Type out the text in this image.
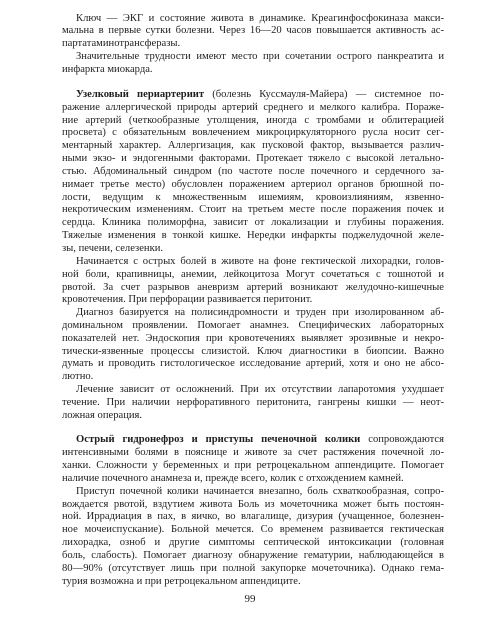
Ключ — ЭКГ и состояние живота в динамике. Креагинфосфокиназа макси-
мальна в первые сутки болезни. Через 16—20 часов повышается активность ас-
партатаминотрансферазы.
Значительные трудности имеют место при сочетании острого панкреатита и
инфаркта миокарда.
Узелковый периартериит (болезнь Куссмауля-Майера) — системное по-
ражение аллергической природы артерий среднего и мелкого калибра. Пораже-
ние артерий (четкообразные утолщения, иногда с тромбами и облитерацией
просвета) с обязательным вовлечением микроциркуляторного русла носит сег-
ментарный характер. Аллергизация, как пусковой фактор, вызывается различ-
ными экзо- и эндогенными факторами. Протекает тяжело с высокой летально-
стью. Абдоминальный синдром (по частоте после почечного и сердечного за-
нимает третье место) обусловлен поражением артериол органов брюшной по-
лости, ведущим к множественным ишемиям, кровоизлияниям, язвенно-
некротическим изменениям. Стоит на третьем месте после поражения почек и
сердца. Клиника полиморфна, зависит от локализации и глубины поражения.
Тяжелые изменения в тонкой кишке. Нередки инфаркты поджелудочной желе-
зы, печени, селезенки.
Начинается с острых болей в животе на фоне гектической лихорадки, голов-
ной боли, крапивницы, анемии, лейкоцитоза Могут сочетаться с тошнотой и
рвотой. За счет разрывов аневризм артерий возникают желудочно-кишечные
кровотечения. При перфорации развивается перитонит.
Диагноз базируется на полисиндромности и труден при изолированном аб-
доминальном проявлении. Помогает анамнез. Специфических лабораторных
показателей нет. Эндоскопия при кровотечениях выявляет эрозивные и некро-
тически-язвенные процессы слизистой. Ключ диагностики в биопсии. Важно
думать и проводить гистологическое исследование артерий, хотя и оно не абсо-
лютно.
Лечение зависит от осложнений. При их отсутствии лапаротомия ухудшает
течение. При наличии нерфоративного перитонита, гангрены кишки — неот-
ложная операция.
Острый гидронефроз и приступы печеночной колики сопровождаются
интенсивными болями в пояснице и животе за счет растяжения почечной ло-
ханки. Сложности у беременных и при ретроцекальном аппендиците. Помогает
наличие почечного анамнеза и, прежде всего, колик с отхождением камней.
Приступ почечной колики начинается внезапно, боль схваткообразная, сопро-
вождается рвотой, вздутием живота Боль из мочеточника может быть постоян-
ной. Иррадиация в пах, в яичко, во влагалище, дизурия (учащенное, болезнен-
ное мочеиспускание). Больной мечется. Со временем развивается гектическая
лихорадка, озноб и другие симптомы септической интоксикации (головная
боль, слабость). Помогает диагнозу обнаружение гематурии, наблюдающейся в
80—90% (отсутствует лишь при полной закупорке мочеточника). Однако гема-
турия возможна и при ретроцекальном аппендиците.
99
